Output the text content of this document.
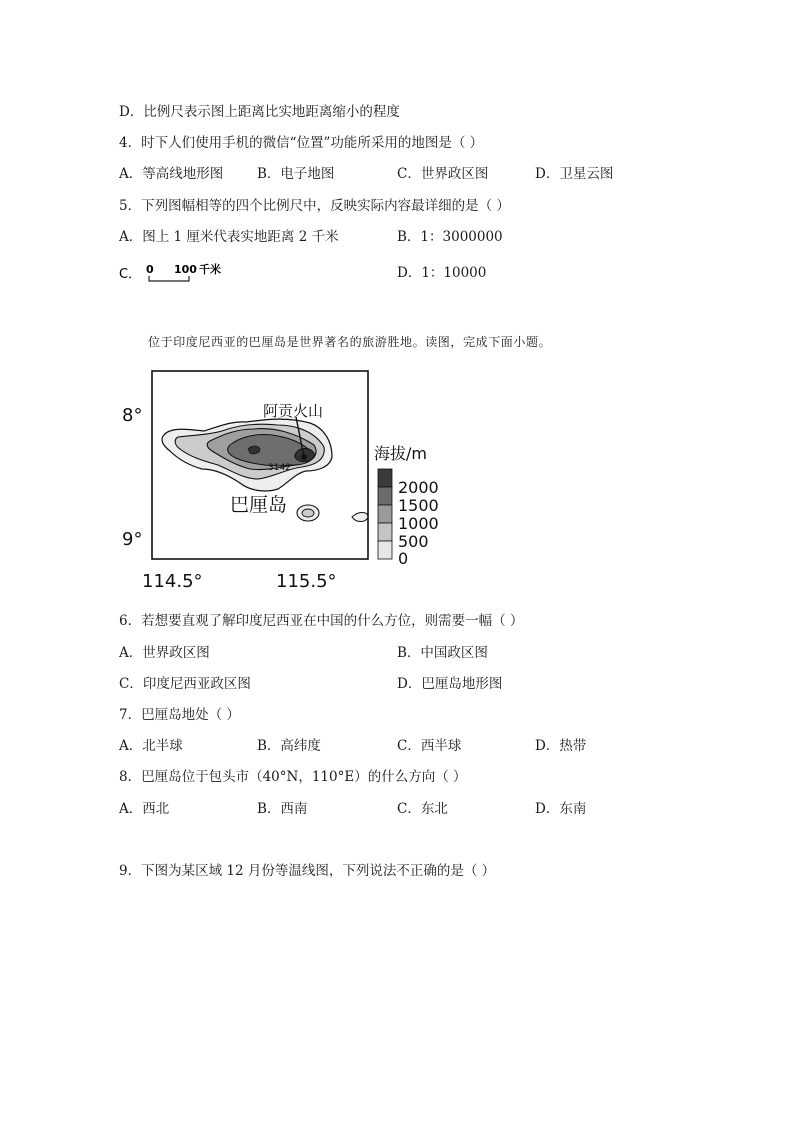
D．比例尺表示图上距离比实地距离缩小的程度
4．时下人们使用手机的微信“位置”功能所采用的地图是（ ）
A．等高线地形图	B．电子地图	C．世界政区图	D．卫星云图
5．下列图幅相等的四个比例尺中，反映实际内容最详细的是（ ）
A．图上 1 厘米代表实地距离 2 千米	B．1：3000000
C． 0 100 千米	D．1：10000
位于印度尼西亚的巴厘岛是世界著名的旅游胜地。读图，完成下面小题。
阿贡火山
3142
巴厘岛
8°
9°
114.5°	115.5°
海拔/m
2000
1500
1000
500
0
6．若想要直观了解印度尼西亚在中国的什么方位，则需要一幅（ ）
A．世界政区图	B．中国政区图
C．印度尼西亚政区图	D．巴厘岛地形图
7．巴厘岛地处（ ）
A．北半球	B．高纬度	C．西半球	D．热带
8．巴厘岛位于包头市（40°N，110°E）的什么方向（ ）
A．西北	B．西南	C．东北	D．东南
9．下图为某区域 12 月份等温线图，下列说法不正确的是（ ）
